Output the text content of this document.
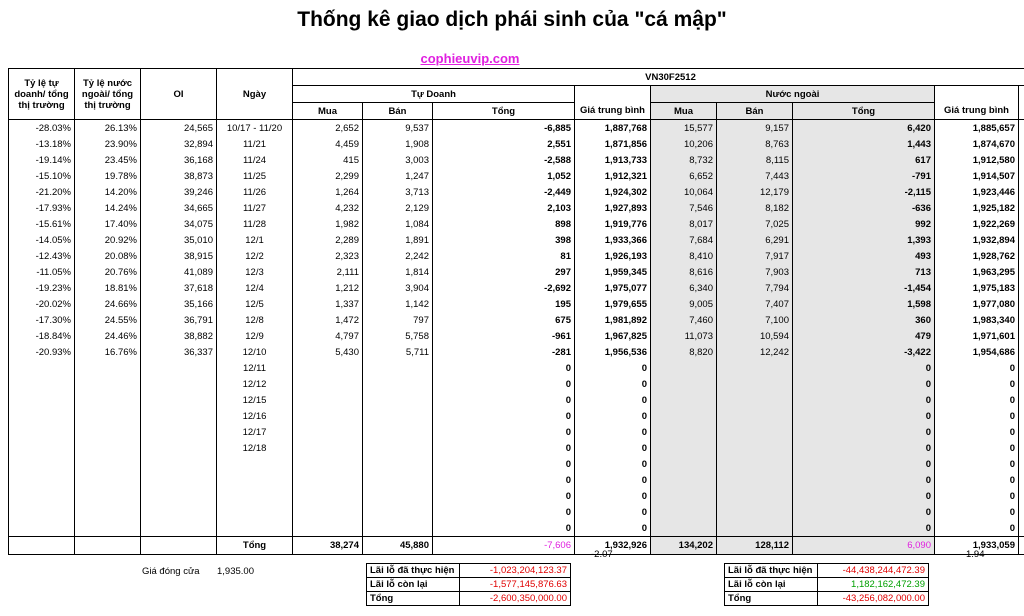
Thống kê giao dịch phái sinh của "cá mập"
cophieuvip.com
Tỷ lệ tự doanh/ tổng thị trường	Tỷ lệ nước ngoài/ tổng thị trường	OI	Ngày	VN30F2512								
				Tự Doanh				Nước ngoài				
				Mua	Bán	Tổng	Giá trung bình	Mua	Bán	Tổng	Giá trung bình	
-28.03%	26.13%	24,565	10/17 - 11/20	2,652	9,537	-6,885	1,887,768	15,577	9,157	6,420	1,885,657	
-13.18%	23.90%	32,894	11/21	4,459	1,908	2,551	1,871,856	10,206	8,763	1,443	1,874,670	
-19.14%	23.45%	36,168	11/24	415	3,003	-2,588	1,913,733	8,732	8,115	617	1,912,580	
-15.10%	19.78%	38,873	11/25	2,299	1,247	1,052	1,912,321	6,652	7,443	-791	1,914,507	
-21.20%	14.20%	39,246	11/26	1,264	3,713	-2,449	1,924,302	10,064	12,179	-2,115	1,923,446	
-17.93%	14.24%	34,665	11/27	4,232	2,129	2,103	1,927,893	7,546	8,182	-636	1,925,182	
-15.61%	17.40%	34,075	11/28	1,982	1,084	898	1,919,776	8,017	7,025	992	1,922,269	
-14.05%	20.92%	35,010	12/1	2,289	1,891	398	1,933,366	7,684	6,291	1,393	1,932,894	
-12.43%	20.08%	38,915	12/2	2,323	2,242	81	1,926,193	8,410	7,917	493	1,928,762	
-11.05%	20.76%	41,089	12/3	2,111	1,814	297	1,959,345	8,616	7,903	713	1,963,295	
-19.23%	18.81%	37,618	12/4	1,212	3,904	-2,692	1,975,077	6,340	7,794	-1,454	1,975,183	
-20.02%	24.66%	35,166	12/5	1,337	1,142	195	1,979,655	9,005	7,407	1,598	1,977,080	
-17.30%	24.55%	36,791	12/8	1,472	797	675	1,981,892	7,460	7,100	360	1,983,340	
-18.84%	24.46%	38,882	12/9	4,797	5,758	-961	1,967,825	11,073	10,594	479	1,971,601	
-20.93%	16.76%	36,337	12/10	5,430	5,711	-281	1,956,536	8,820	12,242	-3,422	1,954,686	
			12/11			0	0			0	0	
			12/12			0	0			0	0	
			12/15			0	0			0	0	
			12/16			0	0			0	0	
			12/17			0	0			0	0	
			12/18			0	0			0	0	
						0	0			0	0	
						0	0			0	0	
						0	0			0	0	
						0	0			0	0	
						0	0			0	0	
			Tổng	38,274	45,880	-7,606	1,932,926	134,202	128,112	6,090	1,933,059	
-2.07	1.94
Giá đóng cửa 1,935.00	Lãi lỗ đã thực hiện	-1,023,204,123.37
Lãi lỗ còn lại	-1,577,145,876.63
Tổng	-2,600,350,000.00
Lãi lỗ đã thực hiện	-44,438,244,472.39
Lãi lỗ còn lại	1,182,162,472.39
Tổng	-43,256,082,000.00
